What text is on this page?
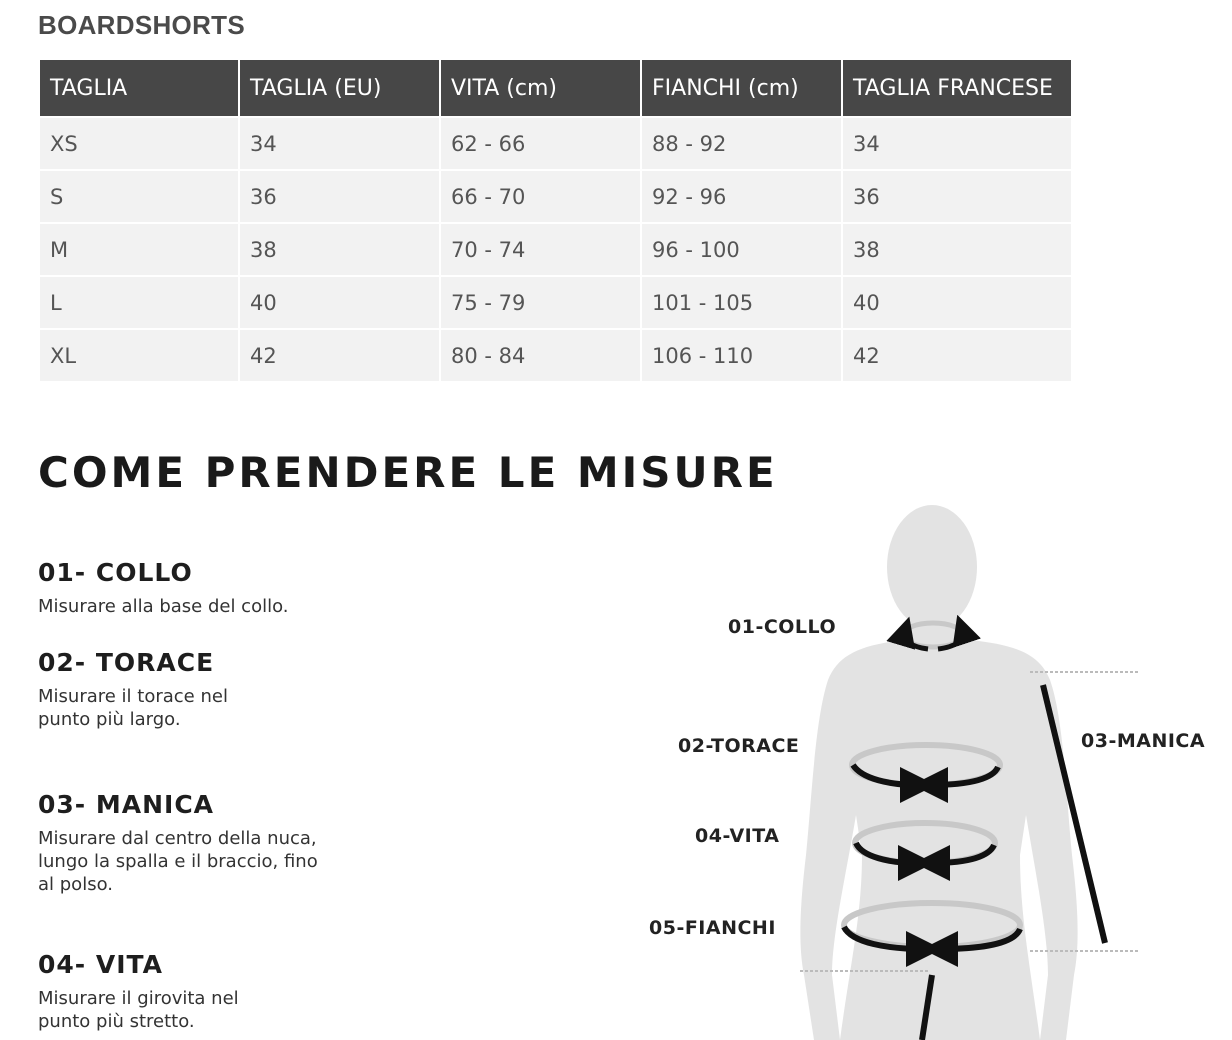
BOARDSHORTS
TAGLIA	TAGLIA (EU)	VITA (cm)	FIANCHI (cm)	TAGLIA FRANCESE
XS	34	62 - 66	88 - 92	34
S	36	66 - 70	92 - 96	36
M	38	70 - 74	96 - 100	38
L	40	75 - 79	101 - 105	40
XL	42	80 - 84	106 - 110	42
COME PRENDERE LE MISURE
01- COLLO

Misurare alla base del collo.

02- TORACE

Misurare il torace nel punto più largo.

03- MANICA

Misurare dal centro della nuca, lungo la spalla e il braccio, fino al polso.

04- VITA

Misurare il girovita nel punto più stretto.

01-COLLO
02-TORACE	03-MANICA
04-VITA
05-FIANCHI
